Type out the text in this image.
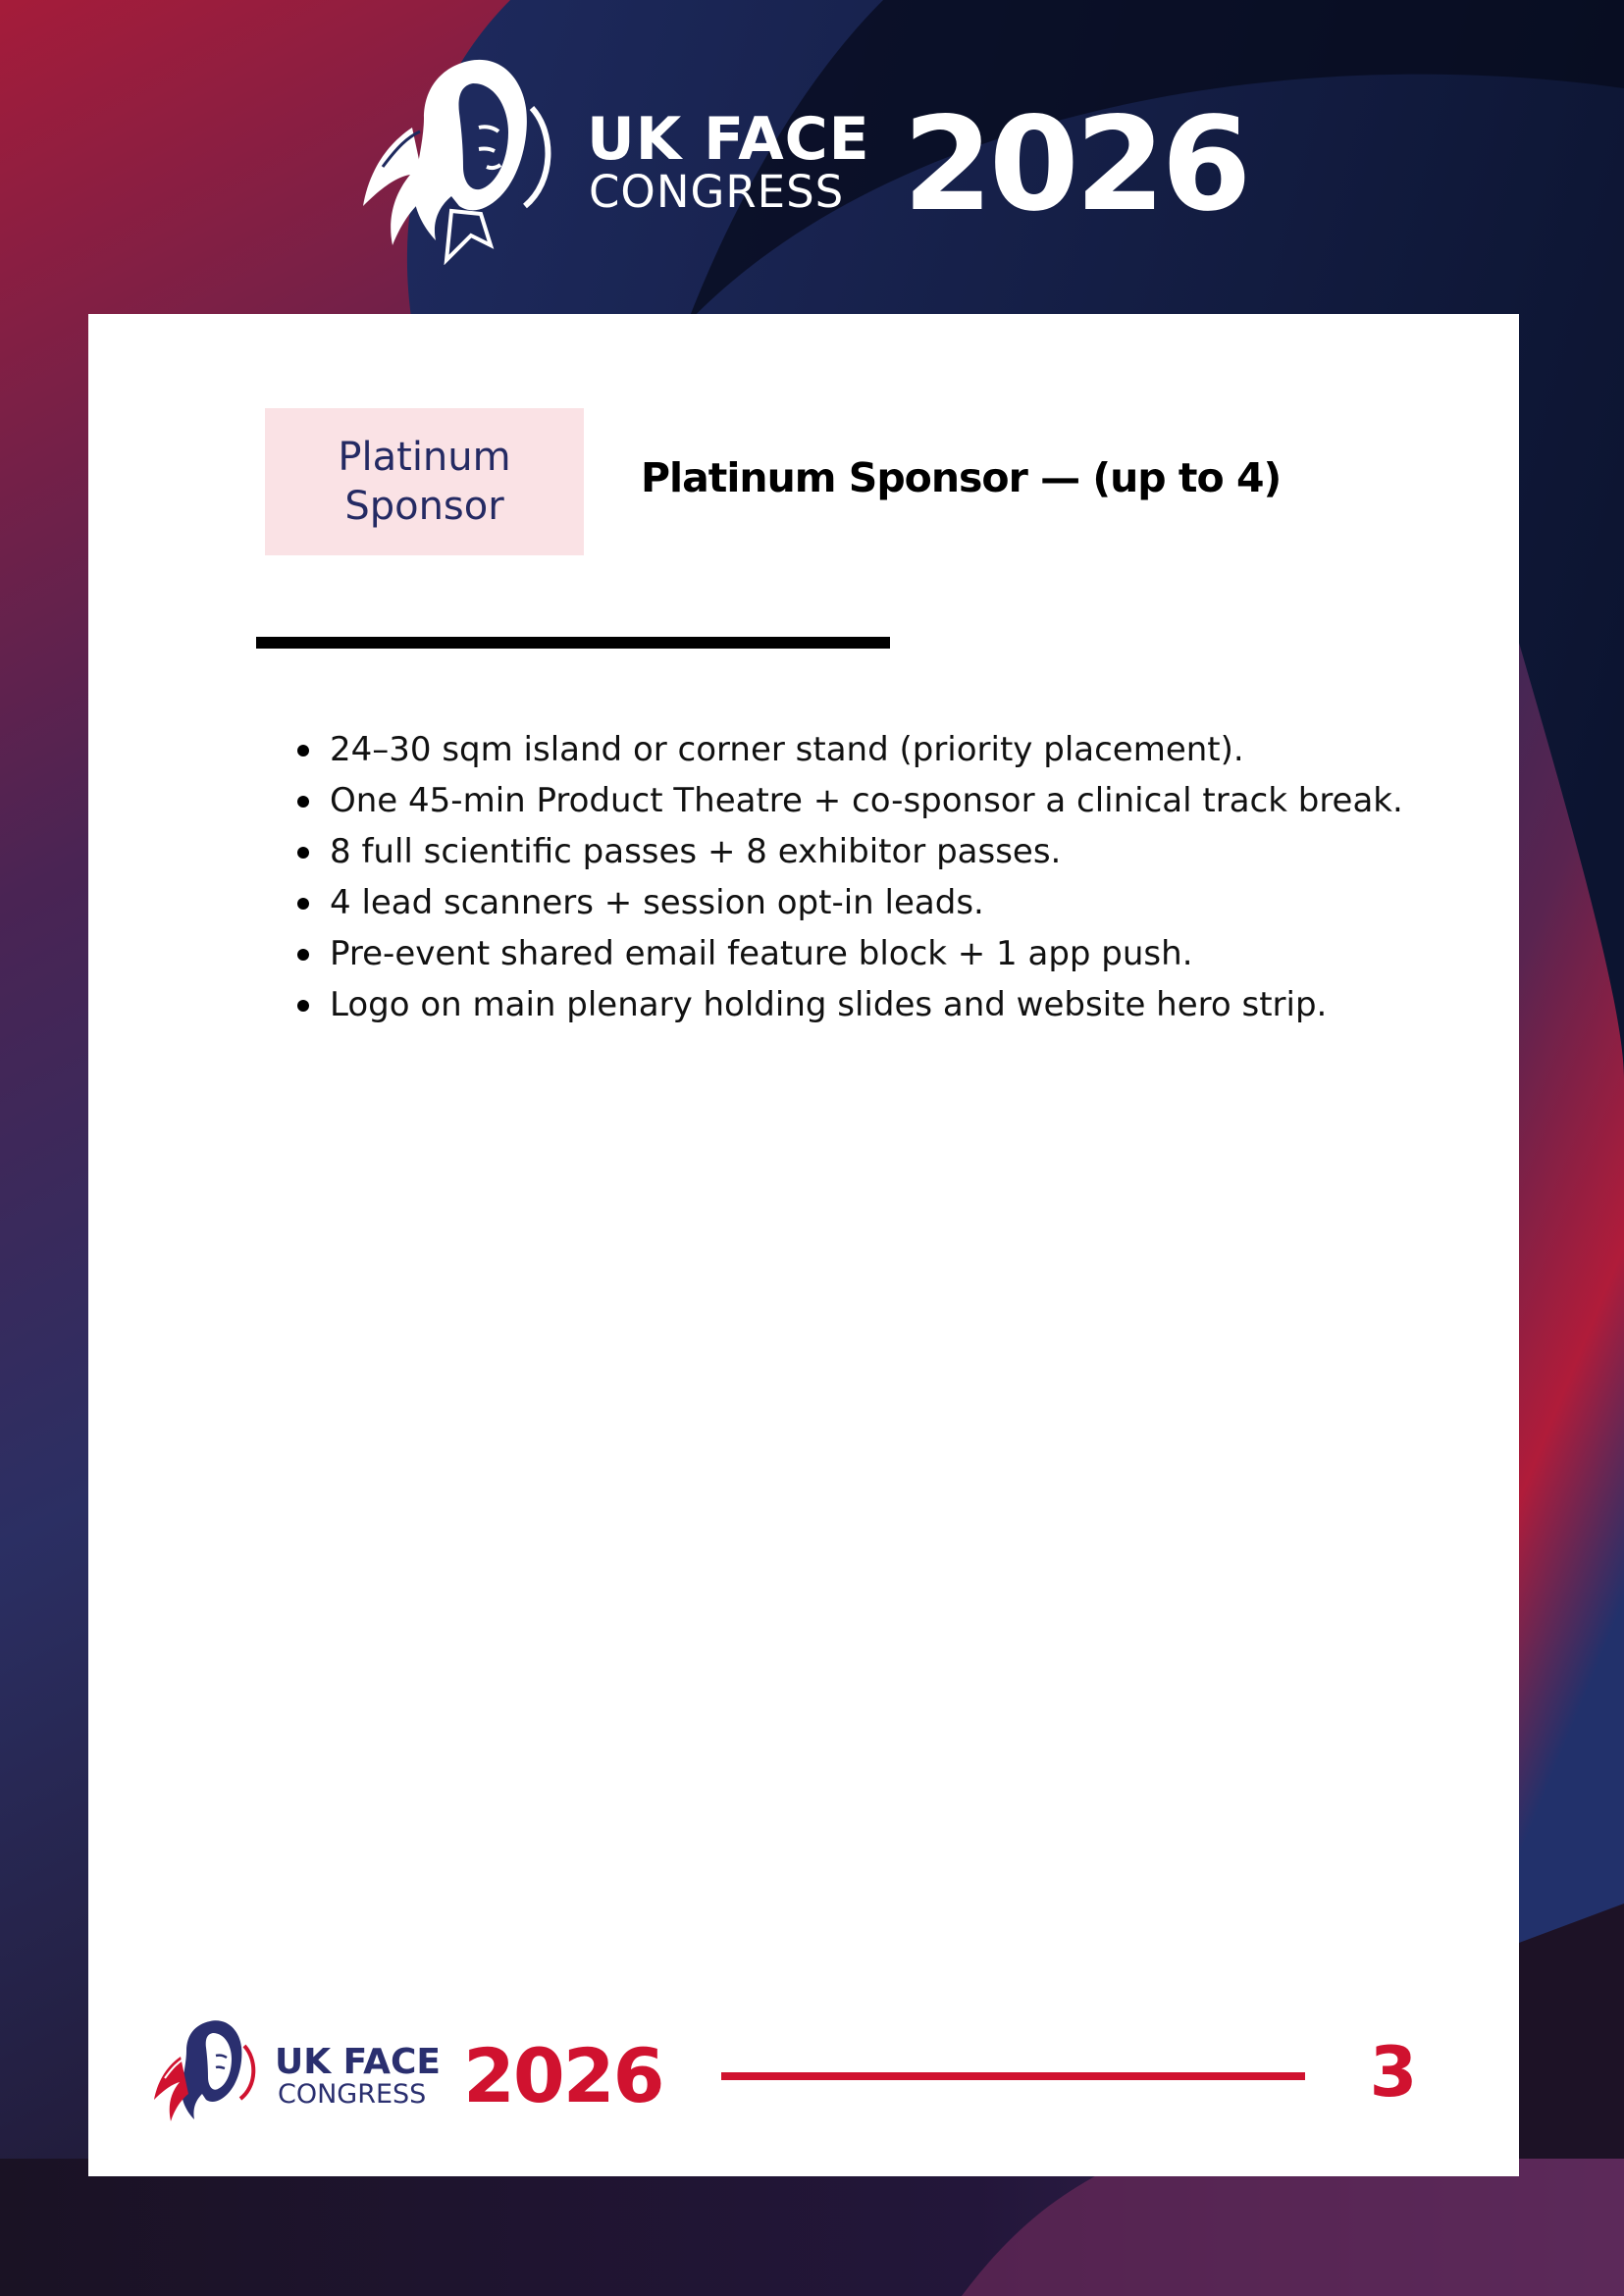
UK FACE
CONGRESS 2026
Platinum Sponsor
Platinum Sponsor — (up to 4)
24–30 sqm island or corner stand (priority placement).
One 45-min Product Theatre + co-sponsor a clinical track break.
8 full scientific passes + 8 exhibitor passes.
4 lead scanners + session opt-in leads.
Pre-event shared email feature block + 1 app push.
Logo on main plenary holding slides and website hero strip.
UK FACE
CONGRESS 2026	3
